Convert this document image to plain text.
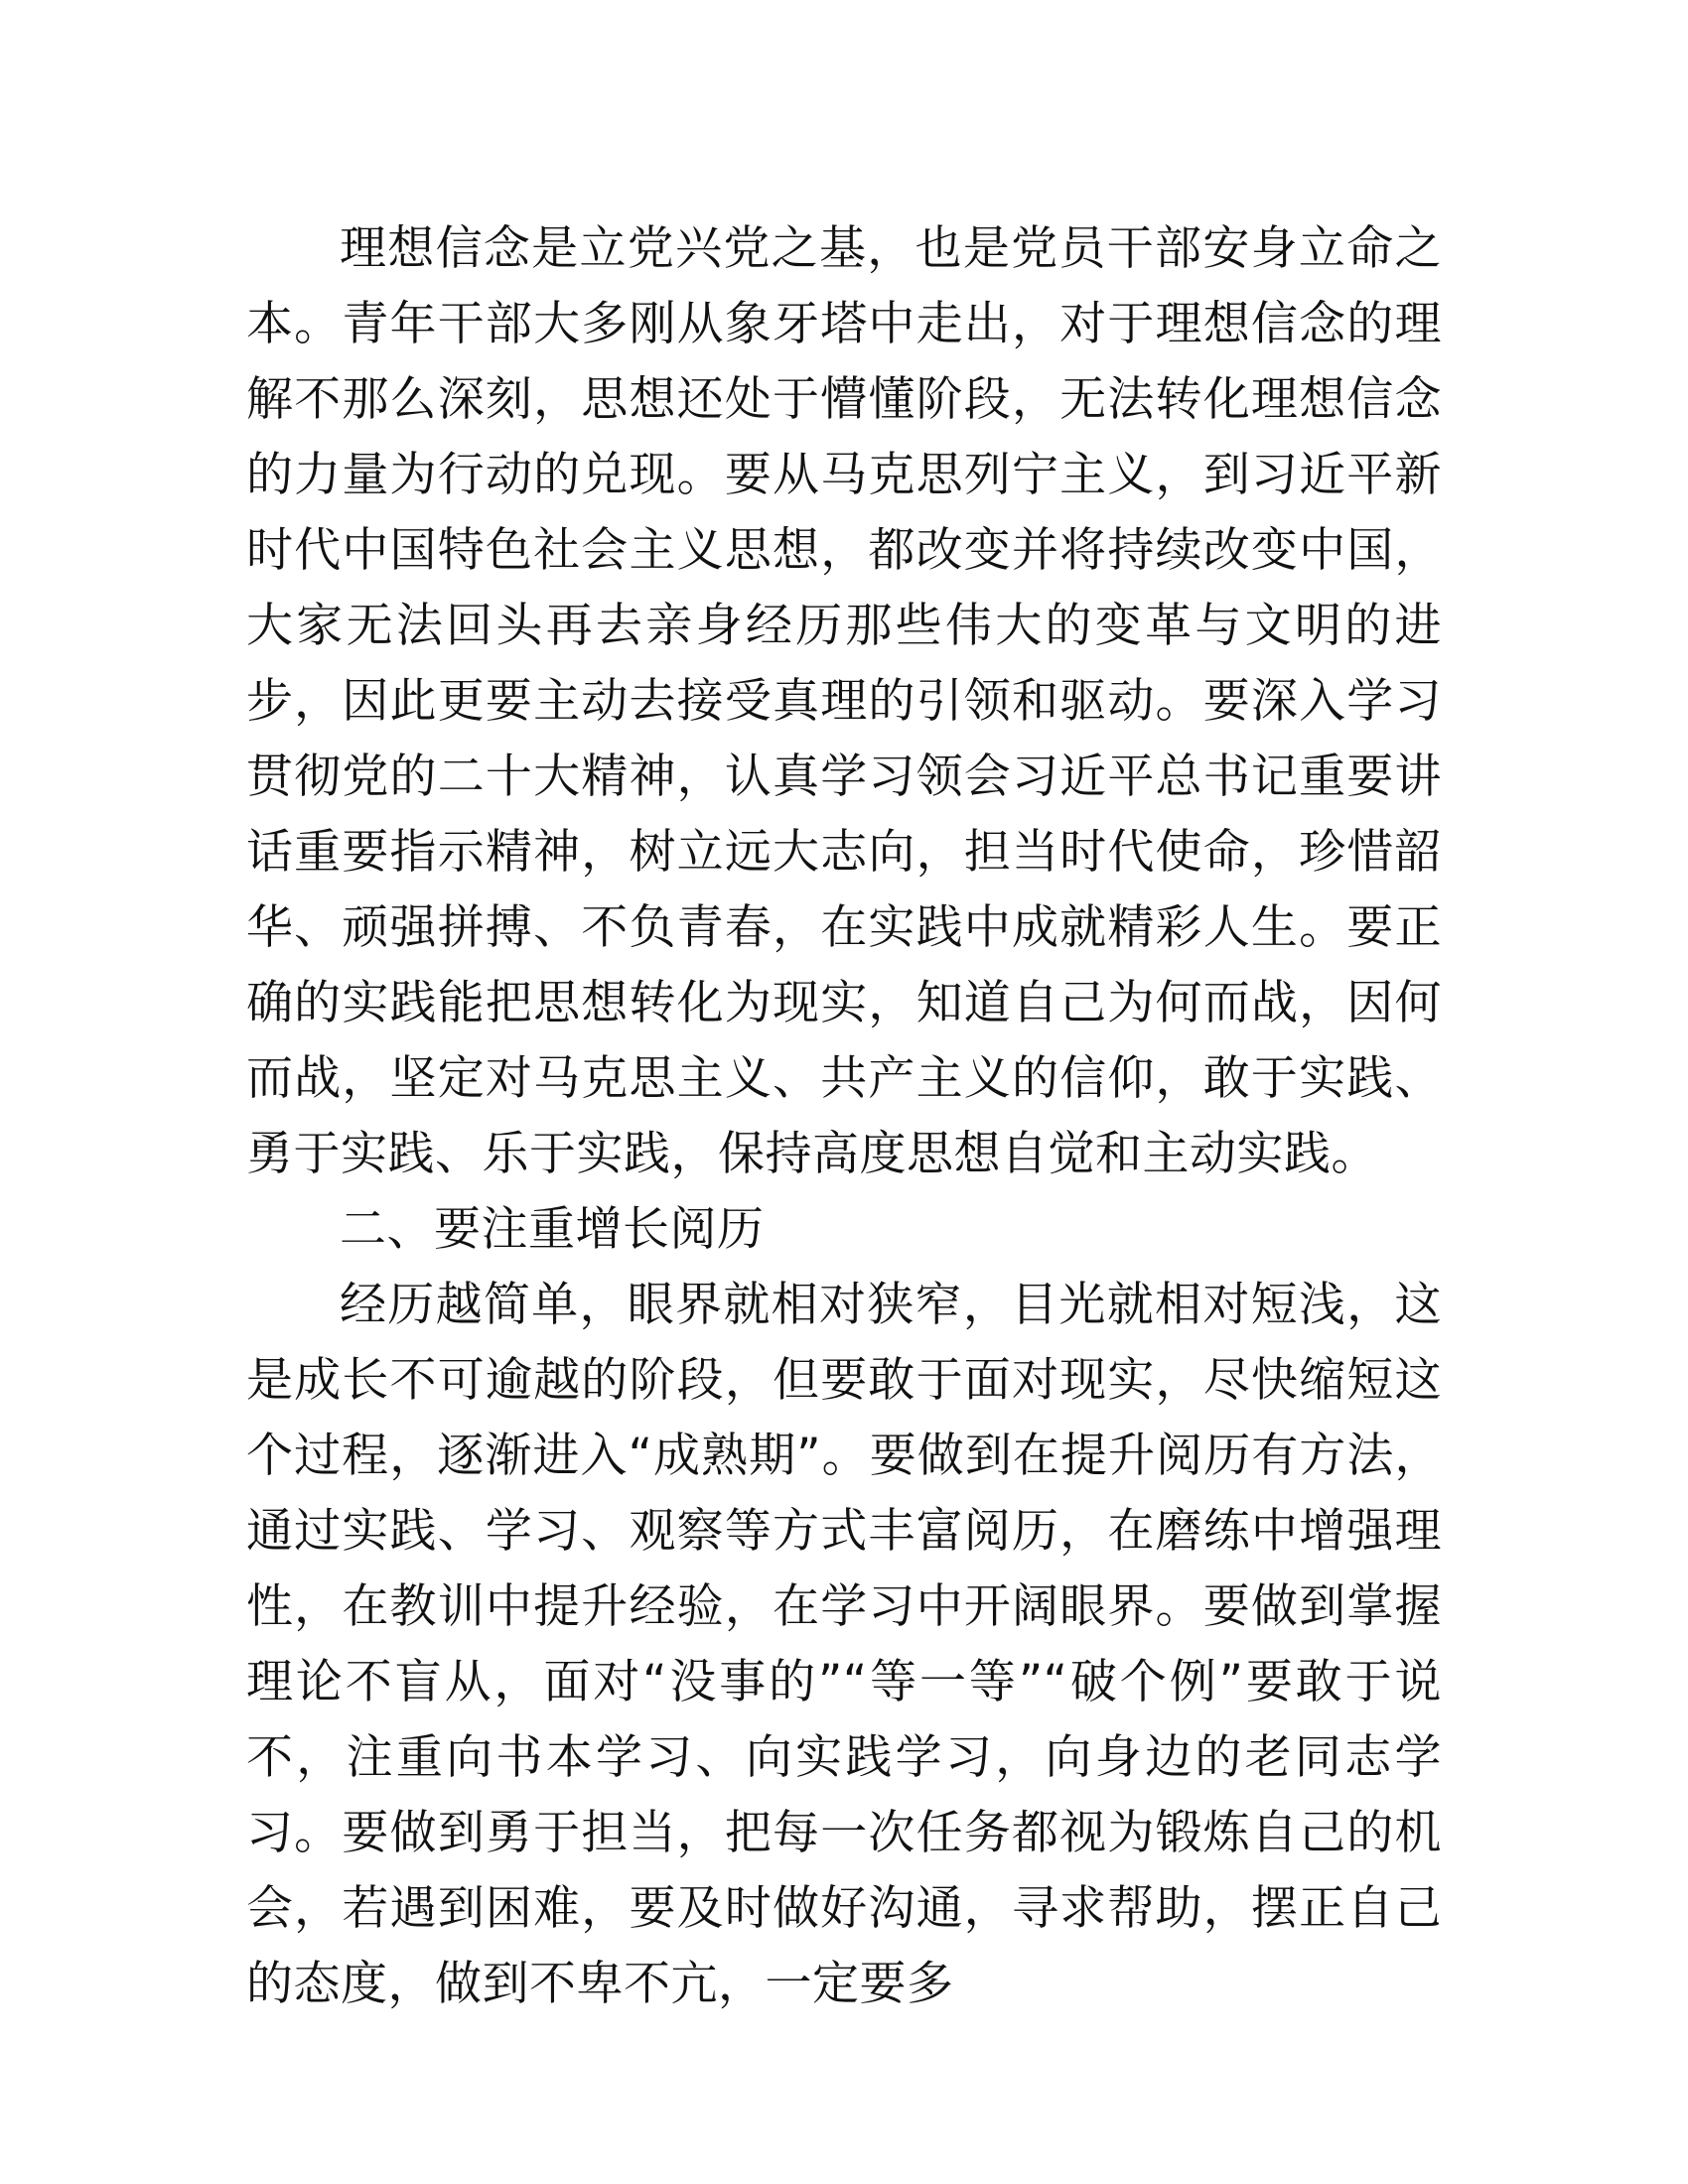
理想信念是立党兴党之基，也是党员干部安身立命之本。青年干部大多刚从象牙塔中走出，对于理想信念的理解不那么深刻，思想还处于懵懂阶段，无法转化理想信念的力量为行动的兑现。要从马克思列宁主义，到习近平新时代中国特色社会主义思想，都改变并将持续改变中国，大家无法回头再去亲身经历那些伟大的变革与文明的进步，因此更要主动去接受真理的引领和驱动。要深入学习贯彻党的二十大精神，认真学习领会习近平总书记重要讲话重要指示精神，树立远大志向，担当时代使命，珍惜韶华、顽强拼搏、不负青春，在实践中成就精彩人生。要正确的实践能把思想转化为现实，知道自己为何而战，因何而战，坚定对马克思主义、共产主义的信仰，敢于实践、勇于实践、乐于实践，保持高度思想自觉和主动实践。

二、要注重增长阅历

经历越简单，眼界就相对狭窄，目光就相对短浅，这是成长不可逾越的阶段，但要敢于面对现实，尽快缩短这个过程，逐渐进入“成熟期”。要做到在提升阅历有方法，通过实践、学习、观察等方式丰富阅历，在磨练中增强理性，在教训中提升经验，在学习中开阔眼界。要做到掌握理论不盲从，面对“没事的”“等一等”“破个例”要敢于说不，注重向书本学习、向实践学习，向身边的老同志学习。要做到勇于担当，把每一次任务都视为锻炼自己的机会，若遇到困难，要及时做好沟通，寻求帮助，摆正自己的态度，做到不卑不亢，一定要多
